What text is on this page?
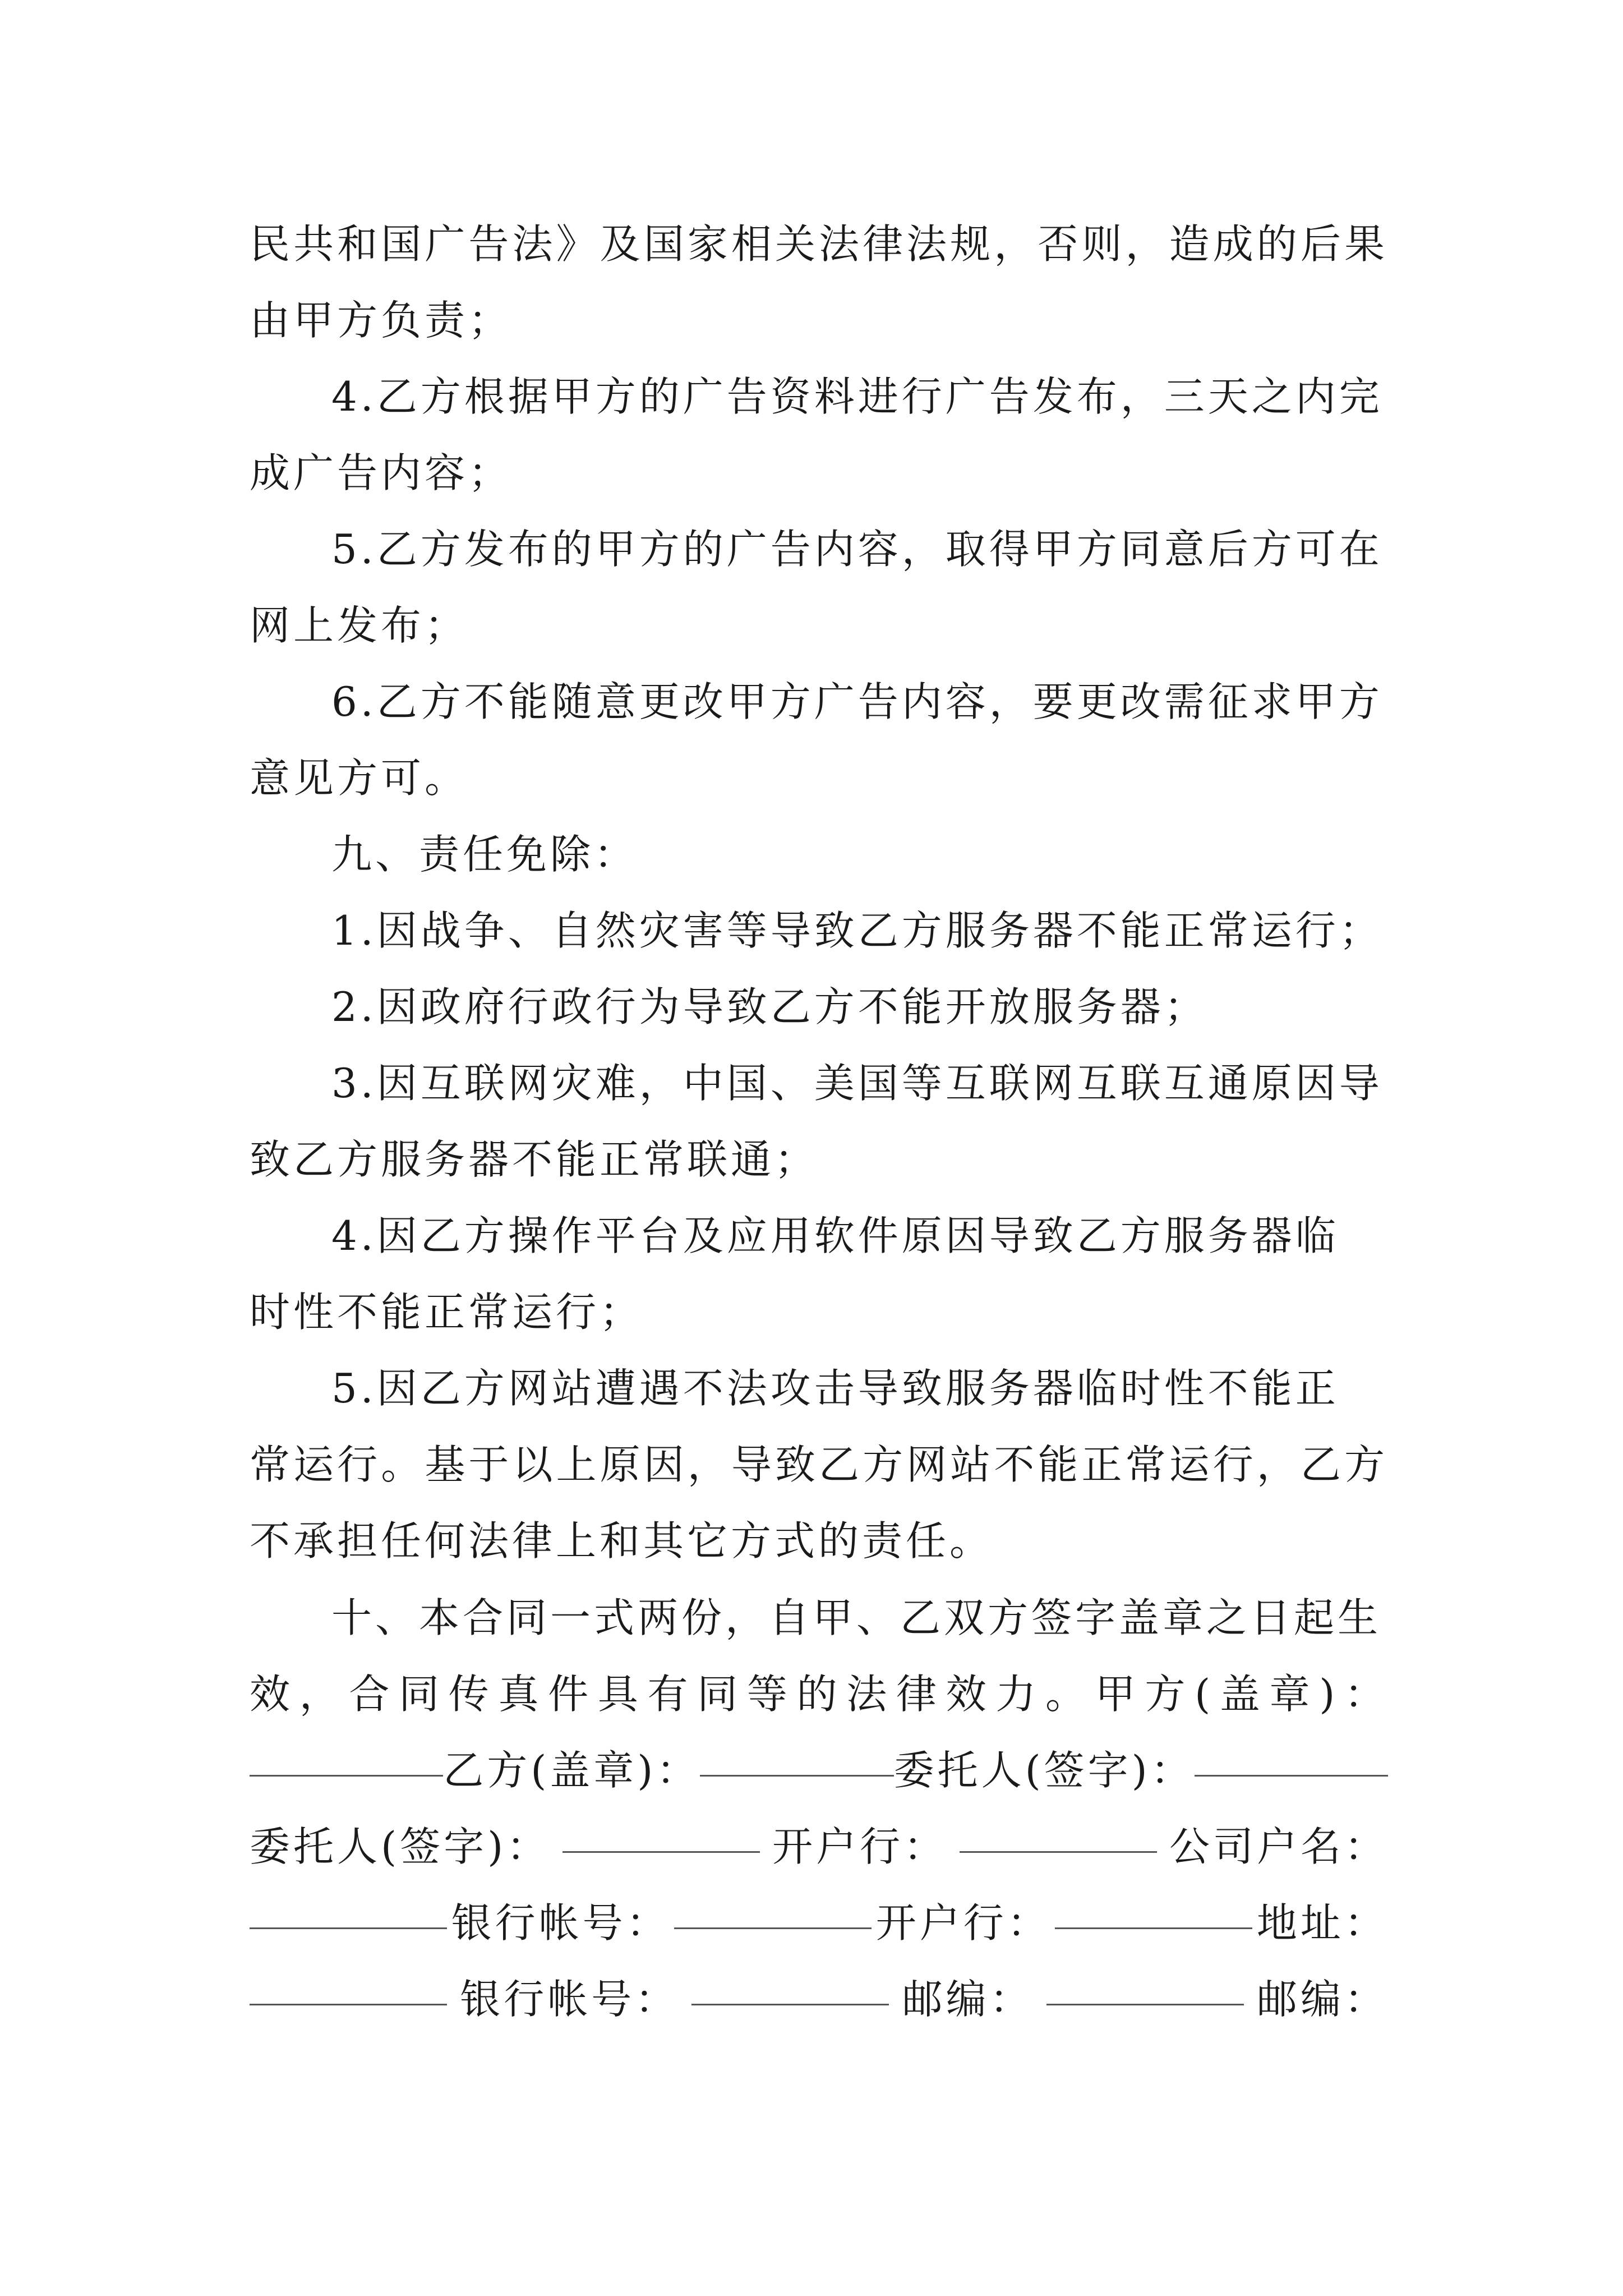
民 共 和 国 广 告 法 》 及 国 家 相 关 法 律 法 规 ， 否 则 ， 造 成 的 后 果
由甲方负责；
4.乙方根据甲方的广告资料进行广告发布，三天之内完
成广告内容；
5.乙方发布的甲方的广告内容，取得甲方同意后方可在
网上发布；
6.乙方不能随意更改甲方广告内容，要更改需征求甲方
意见方可。
九、责任免除：
1.因战争、自然灾害等导致乙方服务器不能正常运行；
2.因政府行政行为导致乙方不能开放服务器；
3.因互联网灾难，中国、美国等互联网互联互通原因导
致乙方服务器不能正常联通；
4.因乙方操作平台及应用软件原因导致乙方服务器临
时性不能正常运行；
5.因乙方网站遭遇不法攻击导致服务器临时性不能正
常 运 行 。 基 于 以 上 原 因 ， 导 致 乙 方 网 站 不 能 正 常 运 行 ， 乙 方
不承担任何法律上和其它方式的责任。
十、本合同一式两份，自甲、乙双方签字盖章之日起生
效 ， 合 同 传 真 件 具 有 同 等 的 法 律 效 力 。 甲 方 ( 盖 章 ) ：
乙方(盖章)：	委托人(签字)：
委托人(签字)：	开户行：	公司户名：
银行帐号：	开户行：	地址：
银行帐号：	邮编：	邮编：
